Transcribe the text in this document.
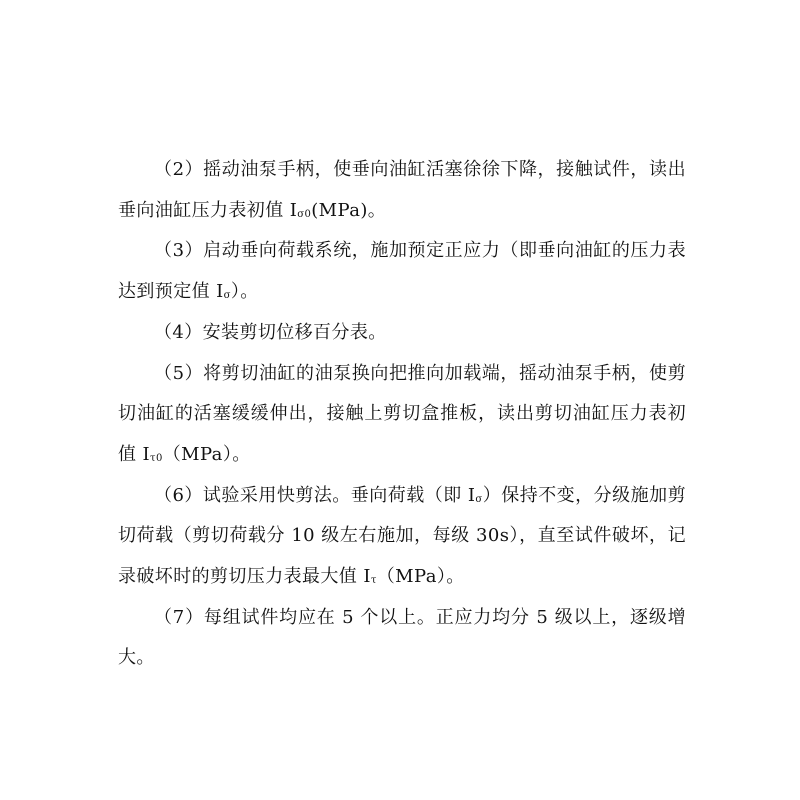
（2）摇动油泵手柄，使垂向油缸活塞徐徐下降，接触试件，读出垂向油缸压力表初值 $I_{\sigma 0}(MPa)$。

（3）启动垂向荷载系统，施加预定正应力（即垂向油缸的压力表达到预定值 $I_\sigma$）。

（4）安装剪切位移百分表。

（5）将剪切油缸的油泵换向把推向加载端，摇动油泵手柄，使剪切油缸的活塞缓缓伸出，接触上剪切盒推板，读出剪切油缸压力表初值 $I_{\tau 0}(MPa)$。

（6）试验采用快剪法。垂向荷载（即 $I_\sigma$）保持不变，分级施加剪切荷载（剪切荷载分 10 级左右施加，每级 30s），直至试件破坏，记录破坏时的剪切压力表最大值 $I_\tau(MPa)$。

（7）每组试件均应在 5 个以上。正应力均分 5 级以上，逐级增大。
